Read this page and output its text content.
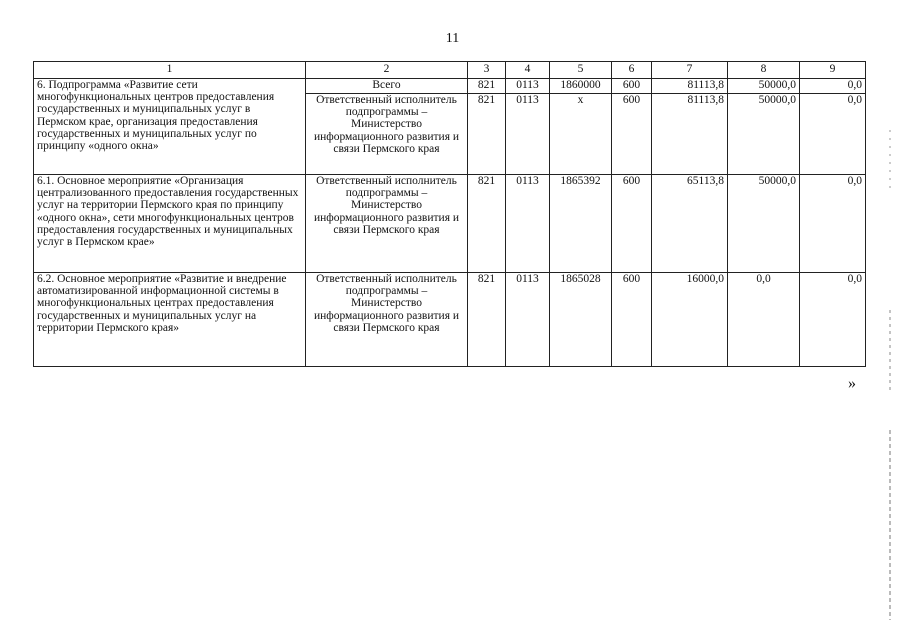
11
1	2	3	4	5	6	7	8	9
6. Подпрограмма «Развитие сети многофункциональных центров предоставления государственных и муниципальных услуг в Пермском крае, организация предоставления государственных и муниципальных услуг по принципу «одного окна»	Всего	821	0113	1860000	600	81113,8	50000,0	0,0
	Ответственный исполнитель подпрограммы – Министерство информационного развития и связи Пермского края	821	0113	х	600	81113,8	50000,0	0,0
6.1. Основное мероприятие «Организация централизованного предоставления государственных услуг на территории Пермского края по принципу «одного окна», сети многофункциональных центров предоставления государственных и муниципальных услуг в Пермском крае»	Ответственный исполнитель подпрограммы – Министерство информационного развития и связи Пермского края	821	0113	1865392	600	65113,8	50000,0	0,0
6.2. Основное мероприятие «Развитие и внедрение автоматизированной информационной системы в многофункциональных центрах предоставления государственных и муниципальных услуг на территории Пермского края»	Ответственный исполнитель подпрограммы – Министерство информационного развития и связи Пермского края	821	0113	1865028	600	16000,0	0,0	0,0
»
